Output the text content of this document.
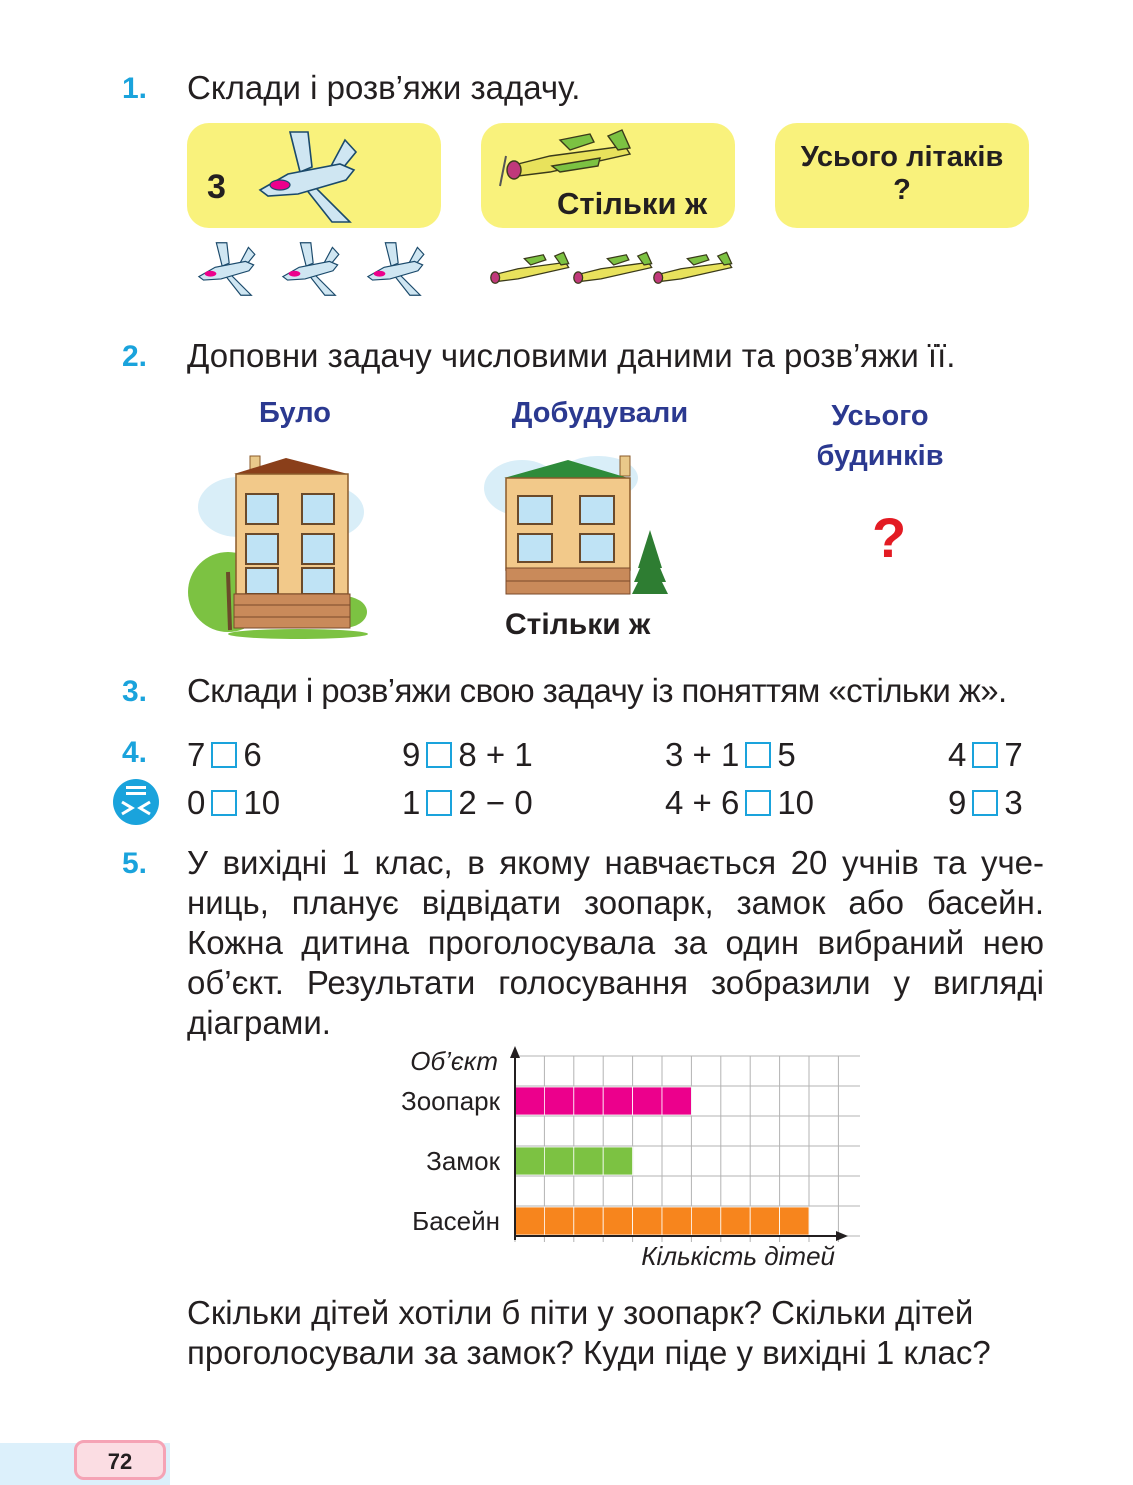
1. Склади і розв’яжи задачу.
3	Стільки ж
Усього літаків
?
2. Доповни задачу числовими даними та розв’яжи її.
Було	Добудували	Усього
будинків
?
Стільки ж
3. Склади і розв’яжи свою задачу із поняттям «стільки ж».
4. 7 6	9 8 + 1	3 + 1 5	4 7
0 10	1 2 − 0	4 + 6 10	9 3
5. У вихідні 1 клас, в якому навчається 20 учнів та уче-
ниць, планує відвідати зоопарк, замок або басейн.
Кожна дитина проголосувала за один вибраний нею
об’єкт. Результати голосування зобразили у вигляді
діаграми.
Об’єкт
Кількість дітей
Зоопарк
Замок
Басейн
Скільки дітей хотіли б піти у зоопарк? Скільки дітей
проголосували за замок? Куди піде у вихідні 1 клас?
72
